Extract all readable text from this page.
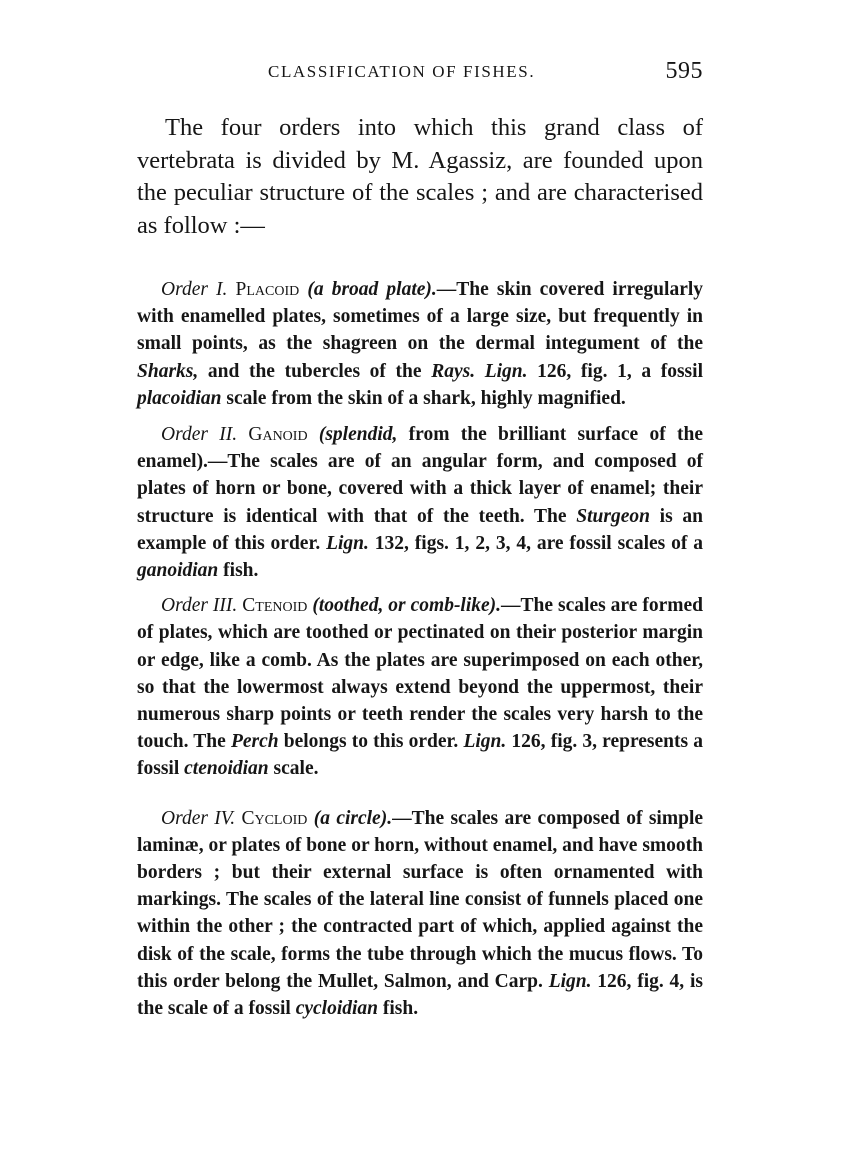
CLASSIFICATION OF FISHES.	595

The four orders into which this grand class of vertebrata is divided by M. Agassiz, are founded upon the peculiar structure of the scales ; and are characterised as follow :—

Order I. Placoid (a broad plate).—The skin covered irregularly with enamelled plates, sometimes of a large size, but frequently in small points, as the shagreen on the dermal integument of the Sharks, and the tubercles of the Rays. Lign. 126, fig. 1, a fossil placoidian scale from the skin of a shark, highly magnified.

Order II. Ganoid (splendid, from the brilliant surface of the enamel).—The scales are of an angular form, and composed of plates of horn or bone, covered with a thick layer of enamel; their structure is identical with that of the teeth. The Sturgeon is an example of this order. Lign. 132, figs. 1, 2, 3, 4, are fossil scales of a ganoidian fish.

Order III. Ctenoid (toothed, or comb-like).—The scales are formed of plates, which are toothed or pectinated on their posterior margin or edge, like a comb. As the plates are superimposed on each other, so that the lowermost always extend beyond the uppermost, their numerous sharp points or teeth render the scales very harsh to the touch. The Perch belongs to this order. Lign. 126, fig. 3, represents a fossil ctenoidian scale.

Order IV. Cycloid (a circle).—The scales are composed of simple laminæ, or plates of bone or horn, without enamel, and have smooth borders ; but their external surface is often ornamented with markings. The scales of the lateral line consist of funnels placed one within the other ; the contracted part of which, applied against the disk of the scale, forms the tube through which the mucus flows. To this order belong the Mullet, Salmon, and Carp. Lign. 126, fig. 4, is the scale of a fossil cycloidian fish.
